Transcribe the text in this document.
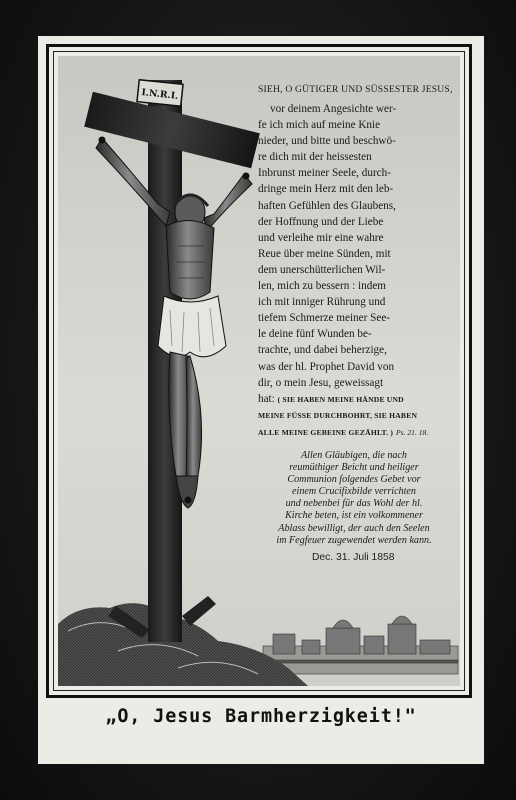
I.N.R.I.	SIEH, O GÜTIGER UND SÜSSESTER JESUS,
vor deinem Angesichte wer-
fe ich mich auf meine Knie
nieder, und bitte und beschwö-
re dich mit der heissesten
Inbrunst meiner Seele, durch-
dringe mein Herz mit den leb-
haften Gefühlen des Glaubens,
der Hoffnung und der Liebe
und verleihe mir eine wahre
Reue über meine Sünden, mit
dem unerschütterlichen Wil-
len, mich zu bessern : indem
ich mit inniger Rührung und
tiefem Schmerze meiner See-
le deine fünf Wunden be-
trachte, und dabei beherzige,
was der hl. Prophet David von
dir, o mein Jesu, geweissagt
hat: ( SIE HABEN MEINE HÄNDE UND
MEINE FÜSSE DURCHBOHRT, SIE HABEN
ALLE MEINE GEBEINE GEZÄHLT. ) Ps. 21. 18.
Allen Gläubigen, die nach
reumüthiger Beicht und heiliger
Communion folgendes Gebet vor
einem Crucifixbilde verrichten
und nebenbei für das Wohl der hl.
Kirche beten, ist ein volkommener
Ablass bewilligt, der auch den Seelen
im Fegfeuer zugewendet werden kann.
Dec. 31. Juli 1858
„O, Jesus Barmherzigkeit!"
